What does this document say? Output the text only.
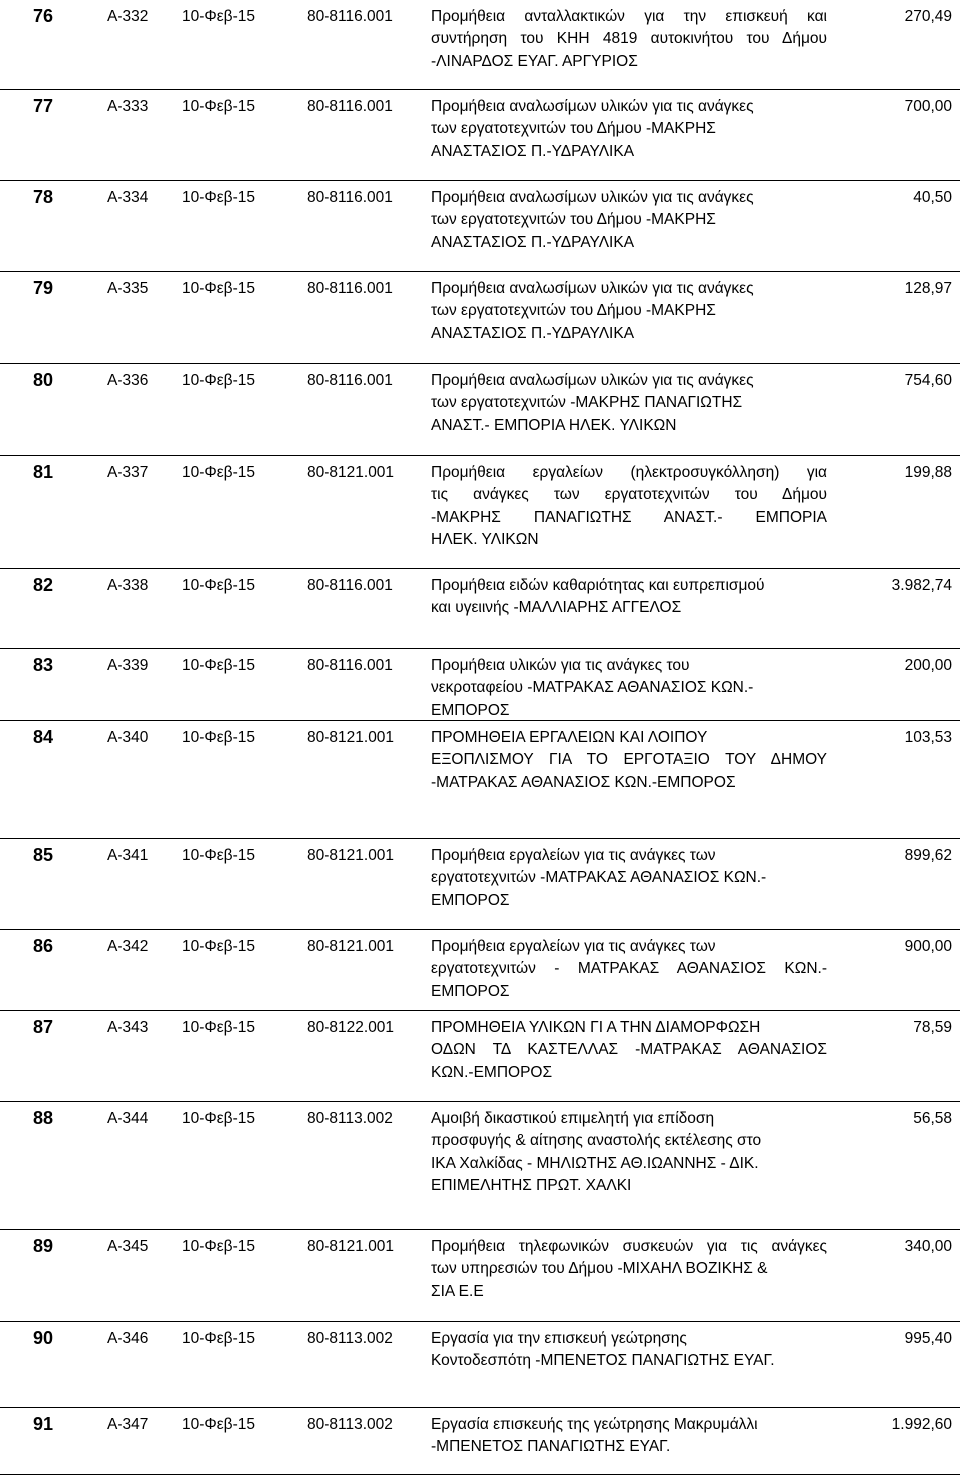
76	Α-332 10-Φεβ-15	80-8116.001 Προμήθεια ανταλλακτικών για την επισκευή και
συντήρηση του ΚΗΗ 4819 αυτοκινήτου του Δήμου
-ΛΙΝΑΡΔΟΣ ΕΥΑΓ. ΑΡΓΥΡΙΟΣ
270,49
77	Α-333 10-Φεβ-15	80-8116.001 Προμήθεια αναλωσίμων υλικών για τις ανάγκες
των εργατοτεχνιτών του Δήμου -ΜΑΚΡΗΣ
ΑΝΑΣΤΑΣΙΟΣ Π.-ΥΔΡΑΥΛΙΚΑ
700,00
78	Α-334 10-Φεβ-15	80-8116.001 Προμήθεια αναλωσίμων υλικών για τις ανάγκες
των εργατοτεχνιτών του Δήμου -ΜΑΚΡΗΣ
ΑΝΑΣΤΑΣΙΟΣ Π.-ΥΔΡΑΥΛΙΚΑ
40,50
79	Α-335 10-Φεβ-15	80-8116.001 Προμήθεια αναλωσίμων υλικών για τις ανάγκες
των εργατοτεχνιτών του Δήμου -ΜΑΚΡΗΣ
ΑΝΑΣΤΑΣΙΟΣ Π.-ΥΔΡΑΥΛΙΚΑ
128,97
80	Α-336 10-Φεβ-15	80-8116.001 Προμήθεια αναλωσίμων υλικών για τις ανάγκες
των εργατοτεχνιτών -ΜΑΚΡΗΣ ΠΑΝΑΓΙΩΤΗΣ
ΑΝΑΣΤ.- ΕΜΠΟΡΙΑ ΗΛΕΚ. ΥΛΙΚΩΝ
754,60
81	Α-337 10-Φεβ-15	80-8121.001 Προμήθεια εργαλείων (ηλεκτροσυγκόλληση) για
τις ανάγκες των εργατοτεχνιτών του Δήμου
-ΜΑΚΡΗΣ ΠΑΝΑΓΙΩΤΗΣ ΑΝΑΣΤ.- ΕΜΠΟΡΙΑ
ΗΛΕΚ. ΥΛΙΚΩΝ
199,88
82	Α-338 10-Φεβ-15	80-8116.001 Προμήθεια ειδών καθαριότητας και ευπρεπισμού
και υγειινής -ΜΑΛΛΙΑΡΗΣ ΑΓΓΕΛΟΣ
3.982,74
83	Α-339 10-Φεβ-15	80-8116.001 Προμήθεια υλικών για τις ανάγκες του
νεκροταφείου -ΜΑΤΡΑΚΑΣ ΑΘΑΝΑΣΙΟΣ ΚΩΝ.-
ΕΜΠΟΡΟΣ
200,00
84	Α-340 10-Φεβ-15	80-8121.001 ΠΡΟΜΗΘΕΙΑ ΕΡΓΑΛΕΙΩΝ ΚΑΙ ΛΟΙΠΟΥ
ΕΞΟΠΛΙΣΜΟΥ ΓΙΑ ΤΟ ΕΡΓΟΤΑΞΙΟ ΤΟΥ ΔΗΜΟΥ
-ΜΑΤΡΑΚΑΣ ΑΘΑΝΑΣΙΟΣ ΚΩΝ.-ΕΜΠΟΡΟΣ
103,53
85	Α-341 10-Φεβ-15	80-8121.001 Προμήθεια εργαλείων για τις ανάγκες των
εργατοτεχνιτών -ΜΑΤΡΑΚΑΣ ΑΘΑΝΑΣΙΟΣ ΚΩΝ.-
ΕΜΠΟΡΟΣ
899,62
86	Α-342 10-Φεβ-15	80-8121.001 Προμήθεια εργαλείων για τις ανάγκες των
εργατοτεχνιτών - ΜΑΤΡΑΚΑΣ ΑΘΑΝΑΣΙΟΣ ΚΩΝ.-
ΕΜΠΟΡΟΣ
900,00
87	Α-343 10-Φεβ-15	80-8122.001 ΠΡΟΜΗΘΕΙΑ ΥΛΙΚΩΝ ΓΙ Α ΤΗΝ ΔΙΑΜΟΡΦΩΣΗ
ΟΔΩΝ ΤΔ ΚΑΣΤΕΛΛΑΣ -ΜΑΤΡΑΚΑΣ ΑΘΑΝΑΣΙΟΣ
ΚΩΝ.-ΕΜΠΟΡΟΣ
78,59
88	Α-344 10-Φεβ-15	80-8113.002 Αμοιβή δικαστικού επιμελητή για επίδοση
προσφυγής & αίτησης αναστολής εκτέλεσης στο
ΙΚΑ Χαλκίδας - ΜΗΛΙΩΤΗΣ ΑΘ.ΙΩΑΝΝΗΣ - ΔΙΚ.
ΕΠΙΜΕΛΗΤΗΣ ΠΡΩΤ. ΧΑΛΚΙ
56,58
89	Α-345 10-Φεβ-15	80-8121.001 Προμήθεια τηλεφωνικών συσκευών για τις ανάγκες
των υπηρεσιών του Δήμου -ΜΙΧΑΗΛ ΒΟΖΙΚΗΣ &
ΣΙΑ Ε.Ε
340,00
90	Α-346 10-Φεβ-15	80-8113.002 Εργασία για την επισκευή γεώτρησης
Κοντοδεσπότη -ΜΠΕΝΕΤΟΣ ΠΑΝΑΓΙΩΤΗΣ ΕΥΑΓ.
995,40
91	Α-347 10-Φεβ-15	80-8113.002 Εργασία επισκευής της γεώτρησης Μακρυμάλλι
-ΜΠΕΝΕΤΟΣ ΠΑΝΑΓΙΩΤΗΣ ΕΥΑΓ.
1.992,60
